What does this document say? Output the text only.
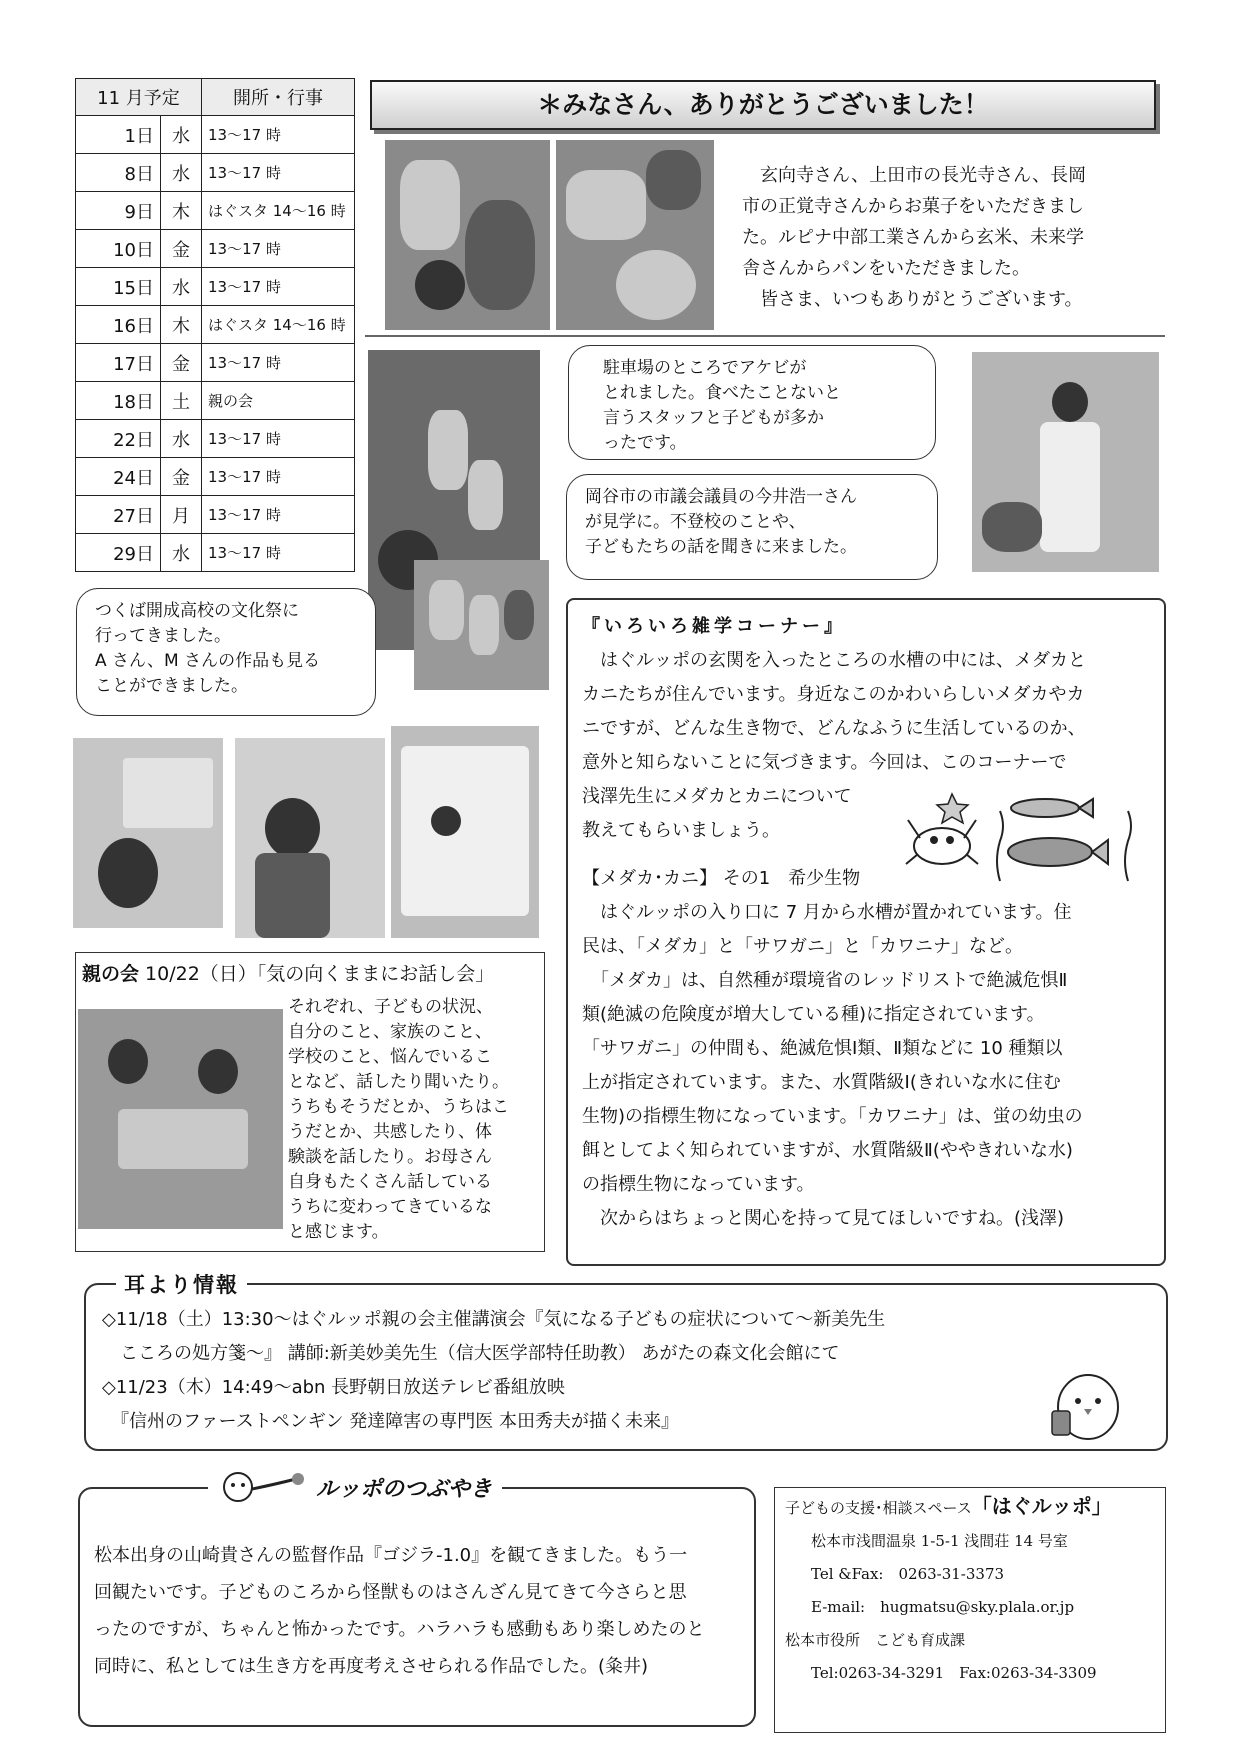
11 月予定		開所・行事
1日	水	13～17 時
8日	水	13～17 時
9日	木	はぐスタ 14～16 時
10日	金	13～17 時
15日	水	13～17 時
16日	木	はぐスタ 14～16 時
17日	金	13～17 時
18日	土	親の会
22日	水	13～17 時
24日	金	13～17 時
27日	月	13～17 時
29日	水	13～17 時
＊みなさん、ありがとうございました！
　玄向寺さん、上田市の長光寺さん、長岡
市の正覚寺さんからお菓子をいただきまし
た。ルピナ中部工業さんから玄米、未来学
舎さんからパンをいただきました。
　皆さま、いつもありがとうございます。
駐車場のところでアケビが
とれました。食べたことないと
言うスタッフと子どもが多か
ったです。
岡谷市の市議会議員の今井浩一さん
が見学に。不登校のことや、
子どもたちの話を聞きに来ました。
つくば開成高校の文化祭に
行ってきました。
A さん、M さんの作品も見る
ことができました。

『いろいろ雑学コーナー』

　はぐルッポの玄関を入ったところの水槽の中には、メダカと

カニたちが住んでいます。身近なこのかわいらしいメダカやカ

ニですが、どんな生き物で、どんなふうに生活しているのか、

意外と知らないことに気づきます。今回は、このコーナーで

浅澤先生にメダカとカニについて

教えてもらいましょう。

【メダカ･カニ】 その1　希少生物

　はぐルッポの入り口に 7 月から水槽が置かれています。住

民は、「メダカ」と「サワガニ」と「カワニナ」など。

　「メダカ」は、自然種が環境省のレッドリストで絶滅危惧Ⅱ

類(絶滅の危険度が増大している種)に指定されています。

「サワガニ」の仲間も、絶滅危惧Ⅰ類、Ⅱ類などに 10 種類以

上が指定されています。また、水質階級Ⅰ(きれいな水に住む

生物)の指標生物になっています。「カワニナ」は、蛍の幼虫の

餌としてよく知られていますが、水質階級Ⅱ(ややきれいな水)

の指標生物になっています。

　次からはちょっと関心を持って見てほしいですね。(浅澤)

親の会 10/22（日）「気の向くままにお話し会」
それぞれ、子どもの状況、
自分のこと、家族のこと、
学校のこと、悩んでいるこ
となど、話したり聞いたり。
うちもそうだとか、うちはこ
うだとか、共感したり、体
験談を話したり。お母さん
自身もたくさん話している
うちに変わってきているな
と感じます。
耳より情報
◇11/18（土）13:30～はぐルッポ親の会主催講演会『気になる子どもの症状について～新美先生
　こころの処方箋～』 講師:新美妙美先生（信大医学部特任助教） あがたの森文化会館にて
◇11/23（木）14:49～abn 長野朝日放送テレビ番組放映
　『信州のファーストペンギン 発達障害の専門医 本田秀夫が描く未来』
ルッポのつぶやき
松本出身の山崎貴さんの監督作品『ゴジラ-1.0』を観てきました。もう一
回観たいです。子どものころから怪獣ものはさんざん見てきて今さらと思
ったのですが、ちゃんと怖かったです。ハラハラも感動もあり楽しめたのと
同時に、私としては生き方を再度考えさせられる作品でした。(粂井)
子どもの支援･相談スペース「はぐルッポ」
松本市浅間温泉 1-5-1 浅間荘 14 号室
Tel &Fax:　0263-31-3373
E-mail:　hugmatsu@sky.plala.or.jp
松本市役所　こども育成課
Tel:0263-34-3291　Fax:0263-34-3309
